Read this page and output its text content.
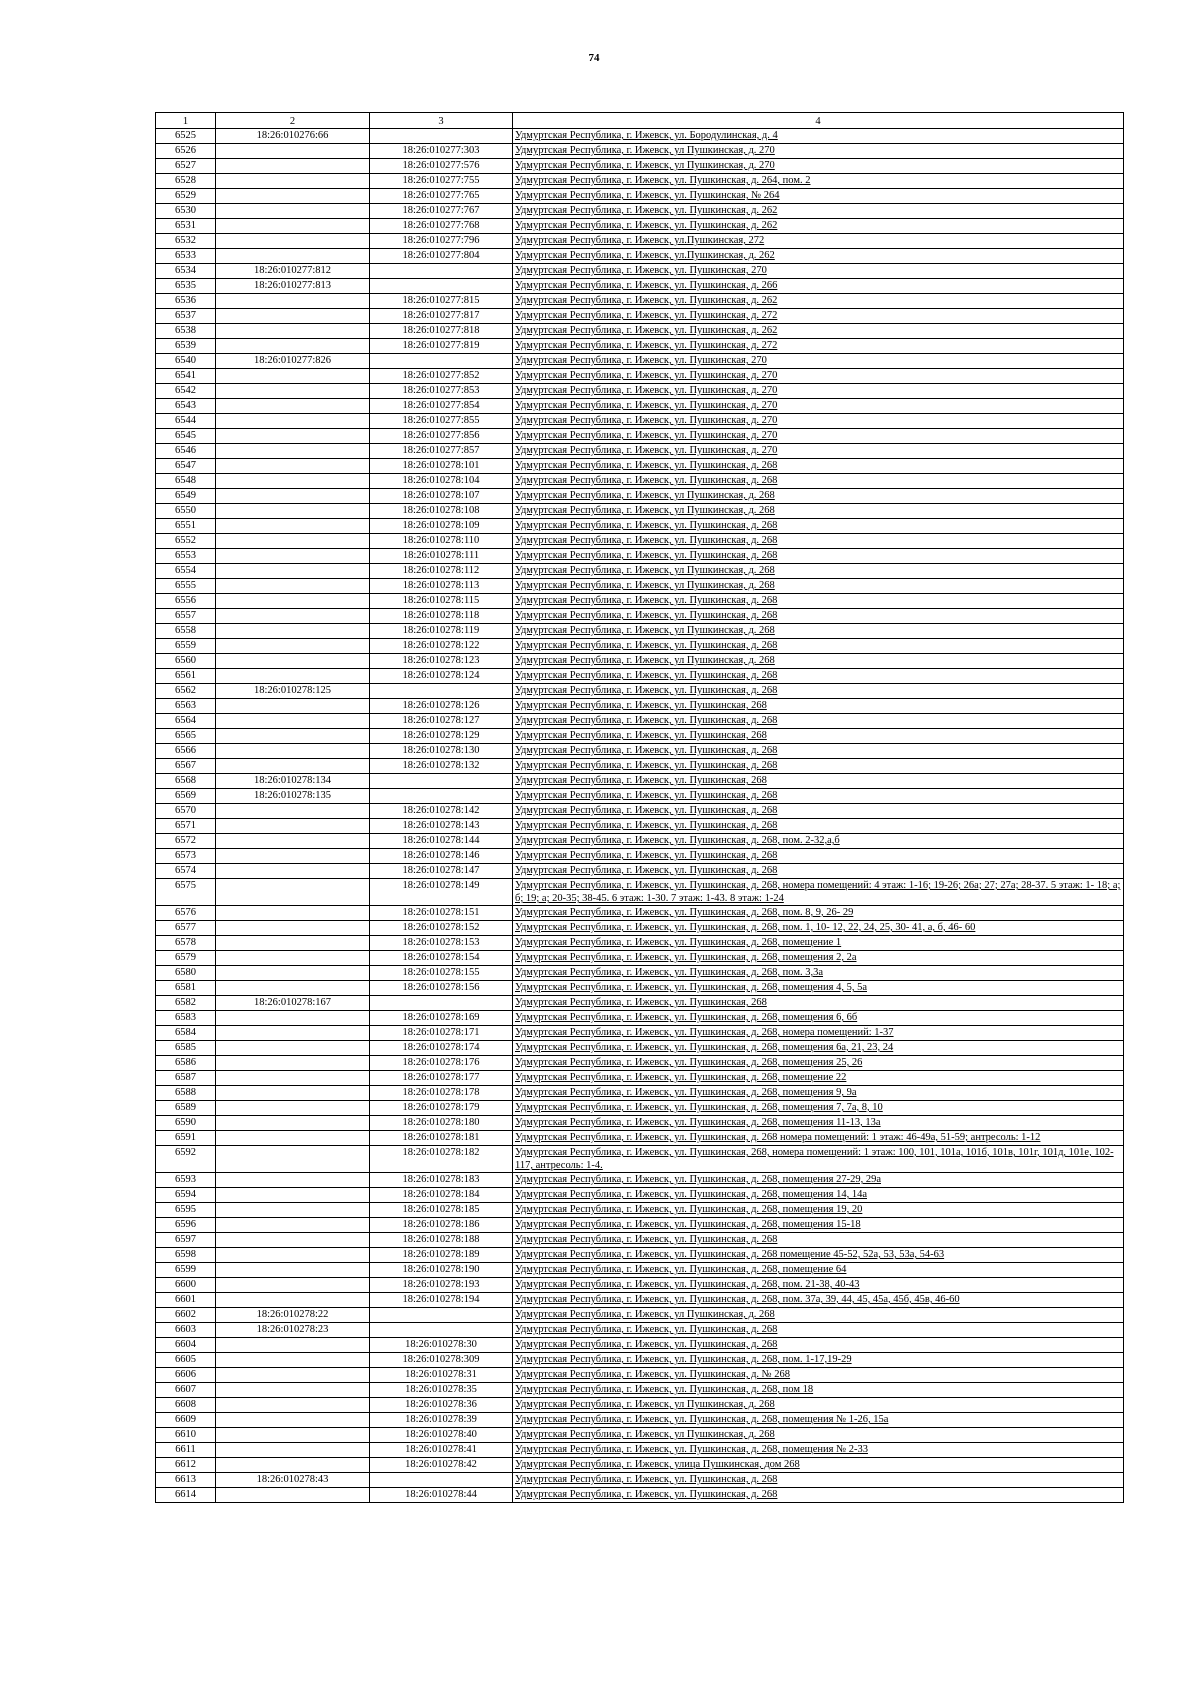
74
1	2	3	4
6525	18:26:010276:66		Удмуртская Республика, г. Ижевск, ул. Бородулинская, д. 4
6526		18:26:010277:303	Удмуртская Республика, г. Ижевск, ул Пушкинская, д. 270
6527		18:26:010277:576	Удмуртская Республика, г. Ижевск, ул Пушкинская, д. 270
6528		18:26:010277:755	Удмуртская Республика, г. Ижевск, ул. Пушкинская, д. 264, пом. 2
6529		18:26:010277:765	Удмуртская Республика, г. Ижевск, ул. Пушкинская, № 264
6530		18:26:010277:767	Удмуртская Республика, г. Ижевск, ул. Пушкинская, д. 262
6531		18:26:010277:768	Удмуртская Республика, г. Ижевск, ул. Пушкинская, д. 262
6532		18:26:010277:796	Удмуртская Республика, г. Ижевск, ул.Пушкинская, 272
6533		18:26:010277:804	Удмуртская Республика, г. Ижевск, ул.Пушкинская, д. 262
6534	18:26:010277:812		Удмуртская Республика, г. Ижевск, ул. Пушкинская, 270
6535	18:26:010277:813		Удмуртская Республика, г. Ижевск, ул. Пушкинская, д. 266
6536		18:26:010277:815	Удмуртская Республика, г. Ижевск, ул. Пушкинская, д. 262
6537		18:26:010277:817	Удмуртская Республика, г. Ижевск, ул. Пушкинская, д. 272
6538		18:26:010277:818	Удмуртская Республика, г. Ижевск, ул. Пушкинская, д. 262
6539		18:26:010277:819	Удмуртская Республика, г. Ижевск, ул. Пушкинская, д. 272
6540	18:26:010277:826		Удмуртская Республика, г. Ижевск, ул. Пушкинская, 270
6541		18:26:010277:852	Удмуртская Республика, г. Ижевск, ул. Пушкинская, д. 270
6542		18:26:010277:853	Удмуртская Республика, г. Ижевск, ул. Пушкинская, д. 270
6543		18:26:010277:854	Удмуртская Республика, г. Ижевск, ул. Пушкинская, д. 270
6544		18:26:010277:855	Удмуртская Республика, г. Ижевск, ул. Пушкинская, д. 270
6545		18:26:010277:856	Удмуртская Республика, г. Ижевск, ул. Пушкинская, д. 270
6546		18:26:010277:857	Удмуртская Республика, г. Ижевск, ул. Пушкинская, д. 270
6547		18:26:010278:101	Удмуртская Республика, г. Ижевск, ул. Пушкинская, д. 268
6548		18:26:010278:104	Удмуртская Республика, г. Ижевск, ул. Пушкинская, д. 268
6549		18:26:010278:107	Удмуртская Республика, г. Ижевск, ул Пушкинская, д. 268
6550		18:26:010278:108	Удмуртская Республика, г. Ижевск, ул Пушкинская, д. 268
6551		18:26:010278:109	Удмуртская Республика, г. Ижевск, ул. Пушкинская, д. 268
6552		18:26:010278:110	Удмуртская Республика, г. Ижевск, ул. Пушкинская, д. 268
6553		18:26:010278:111	Удмуртская Республика, г. Ижевск, ул. Пушкинская, д. 268
6554		18:26:010278:112	Удмуртская Республика, г. Ижевск, ул Пушкинская, д. 268
6555		18:26:010278:113	Удмуртская Республика, г. Ижевск, ул Пушкинская, д. 268
6556		18:26:010278:115	Удмуртская Республика, г. Ижевск, ул. Пушкинская, д. 268
6557		18:26:010278:118	Удмуртская Республика, г. Ижевск, ул. Пушкинская, д. 268
6558		18:26:010278:119	Удмуртская Республика, г. Ижевск, ул Пушкинская, д. 268
6559		18:26:010278:122	Удмуртская Республика, г. Ижевск, ул. Пушкинская, д. 268
6560		18:26:010278:123	Удмуртская Республика, г. Ижевск, ул Пушкинская, д. 268
6561		18:26:010278:124	Удмуртская Республика, г. Ижевск, ул. Пушкинская, д. 268
6562	18:26:010278:125		Удмуртская Республика, г. Ижевск, ул. Пушкинская, д. 268
6563		18:26:010278:126	Удмуртская Республика, г. Ижевск, ул. Пушкинская, 268
6564		18:26:010278:127	Удмуртская Республика, г. Ижевск, ул. Пушкинская, д. 268
6565		18:26:010278:129	Удмуртская Республика, г. Ижевск, ул. Пушкинская, 268
6566		18:26:010278:130	Удмуртская Республика, г. Ижевск, ул. Пушкинская, д. 268
6567		18:26:010278:132	Удмуртская Республика, г. Ижевск, ул. Пушкинская, д. 268
6568	18:26:010278:134		Удмуртская Республика, г. Ижевск, ул. Пушкинская, 268
6569	18:26:010278:135		Удмуртская Республика, г. Ижевск, ул. Пушкинская, д. 268
6570		18:26:010278:142	Удмуртская Республика, г. Ижевск, ул. Пушкинская, д. 268
6571		18:26:010278:143	Удмуртская Республика, г. Ижевск, ул. Пушкинская, д. 268
6572		18:26:010278:144	Удмуртская Республика, г. Ижевск, ул. Пушкинская, д. 268, пом. 2-32,а,б
6573		18:26:010278:146	Удмуртская Республика, г. Ижевск, ул. Пушкинская, д. 268
6574		18:26:010278:147	Удмуртская Республика, г. Ижевск, ул. Пушкинская, д. 268
6575		18:26:010278:149	Удмуртская Республика, г. Ижевск, ул. Пушкинская, д. 268, номера помещений: 4 этаж: 1-16; 19-26; 26а; 27; 27а; 28-37. 5 этаж: 1- 18; а; б; 19; а; 20-35; 38-45. 6 этаж: 1-30. 7 этаж: 1-43. 8 этаж: 1-24
6576		18:26:010278:151	Удмуртская Республика, г. Ижевск, ул. Пушкинская, д. 268, пом. 8, 9, 26- 29
6577		18:26:010278:152	Удмуртская Республика, г. Ижевск, ул. Пушкинская, д. 268, пом. 1, 10- 12, 22, 24, 25, 30- 41, а, б, 46- 60
6578		18:26:010278:153	Удмуртская Республика, г. Ижевск, ул. Пушкинская, д. 268, помещение 1
6579		18:26:010278:154	Удмуртская Республика, г. Ижевск, ул. Пушкинская, д. 268, помещения 2, 2а
6580		18:26:010278:155	Удмуртская Республика, г. Ижевск, ул. Пушкинская, д. 268, пом. 3,3а
6581		18:26:010278:156	Удмуртская Республика, г. Ижевск, ул. Пушкинская, д. 268, помещения 4, 5, 5а
6582	18:26:010278:167		Удмуртская Республика, г. Ижевск, ул. Пушкинская, 268
6583		18:26:010278:169	Удмуртская Республика, г. Ижевск, ул. Пушкинская, д. 268, помещения 6, 6б
6584		18:26:010278:171	Удмуртская Республика, г. Ижевск, ул. Пушкинская, д. 268, номера помещений: 1-37
6585		18:26:010278:174	Удмуртская Республика, г. Ижевск, ул. Пушкинская, д. 268, помещения 6а, 21, 23, 24
6586		18:26:010278:176	Удмуртская Республика, г. Ижевск, ул. Пушкинская, д. 268, помещения 25, 26
6587		18:26:010278:177	Удмуртская Республика, г. Ижевск, ул. Пушкинская, д. 268, помещение 22
6588		18:26:010278:178	Удмуртская Республика, г. Ижевск, ул. Пушкинская, д. 268, помещения 9, 9а
6589		18:26:010278:179	Удмуртская Республика, г. Ижевск, ул. Пушкинская, д. 268, помещения 7, 7а, 8, 10
6590		18:26:010278:180	Удмуртская Республика, г. Ижевск, ул. Пушкинская, д. 268, помещения 11-13, 13а
6591		18:26:010278:181	Удмуртская Республика, г. Ижевск, ул. Пушкинская, д. 268 номера помещений: 1 этаж: 46-49а, 51-59; антресоль: 1-12
6592		18:26:010278:182	Удмуртская Республика, г. Ижевск, ул. Пушкинская, 268, номера помещений: 1 этаж: 100, 101, 101а, 101б, 101в, 101г, 101д, 101е, 102-117, антресоль: 1-4.
6593		18:26:010278:183	Удмуртская Республика, г. Ижевск, ул. Пушкинская, д. 268, помещения 27-29, 29а
6594		18:26:010278:184	Удмуртская Республика, г. Ижевск, ул. Пушкинская, д. 268, помещения 14, 14а
6595		18:26:010278:185	Удмуртская Республика, г. Ижевск, ул. Пушкинская, д. 268, помещения 19, 20
6596		18:26:010278:186	Удмуртская Республика, г. Ижевск, ул. Пушкинская, д. 268, помещения 15-18
6597		18:26:010278:188	Удмуртская Республика, г. Ижевск, ул. Пушкинская, д. 268
6598		18:26:010278:189	Удмуртская Республика, г. Ижевск, ул. Пушкинская, д. 268 помещение 45-52, 52а, 53, 53а, 54-63
6599		18:26:010278:190	Удмуртская Республика, г. Ижевск, ул. Пушкинская, д. 268, помещение 64
6600		18:26:010278:193	Удмуртская Республика, г. Ижевск, ул. Пушкинская, д. 268, пом. 21-38, 40-43
6601		18:26:010278:194	Удмуртская Республика, г. Ижевск, ул. Пушкинская, д. 268, пом. 37а, 39, 44, 45, 45а, 45б, 45в, 46-60
6602	18:26:010278:22		Удмуртская Республика, г. Ижевск, ул Пушкинская, д. 268
6603	18:26:010278:23		Удмуртская Республика, г. Ижевск, ул. Пушкинская, д. 268
6604		18:26:010278:30	Удмуртская Республика, г. Ижевск, ул. Пушкинская, д. 268
6605		18:26:010278:309	Удмуртская Республика, г. Ижевск, ул. Пушкинская, д. 268, пом. 1-17,19-29
6606		18:26:010278:31	Удмуртская Республика, г. Ижевск, ул. Пушкинская, д. № 268
6607		18:26:010278:35	Удмуртская Республика, г. Ижевск, ул. Пушкинская, д. 268, пом 18
6608		18:26:010278:36	Удмуртская Республика, г. Ижевск, ул Пушкинская, д. 268
6609		18:26:010278:39	Удмуртская Республика, г. Ижевск, ул. Пушкинская, д. 268, помещения № 1-26, 15а
6610		18:26:010278:40	Удмуртская Республика, г. Ижевск, ул Пушкинская, д. 268
6611		18:26:010278:41	Удмуртская Республика, г. Ижевск, ул. Пушкинская, д. 268, помещения № 2-33
6612		18:26:010278:42	Удмуртская Республика, г. Ижевск, улица Пушкинская, дом 268
6613	18:26:010278:43		Удмуртская Республика, г. Ижевск, ул. Пушкинская, д. 268
6614		18:26:010278:44	Удмуртская Республика, г. Ижевск, ул. Пушкинская, д. 268
